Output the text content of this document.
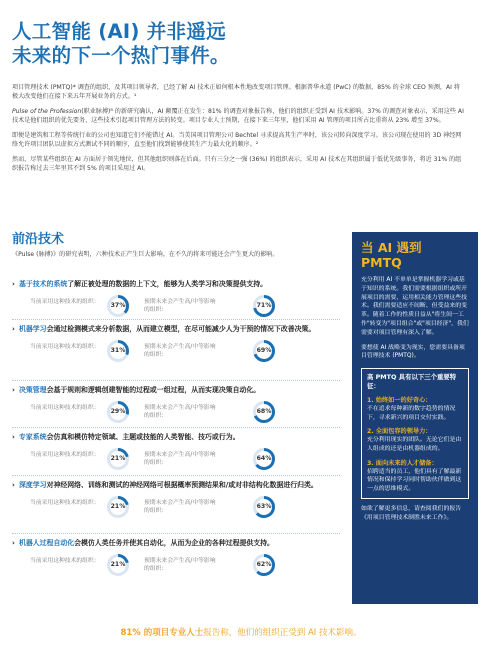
人工智能 (AI) 并非遥远
未来的下一个热门事件。

项目管理技术 (PMTQ)* 调查的组织，及其项目领导者，已经了解 AI 技术正如何根本性地改变项目管理。根据普华永道 (PwC) 的数据，85% 的全球 CEO 预测，AI 将极大改变他们在接下来五年开展业务的方式。¹

Pulse of the Profession(职业脉搏)⁸ 的新研究确认，AI 颠覆正在发生：81% 的调查对象报告称，他们的组织正受到 AI 技术影响。37% 的调查对象表示，采用这些 AI 技术是他们组织的优先要务，这些技术引起项目管理方法的转变。项目专业人士预期，在接下来三年里，他们采用 AI 管理的项目所占比重将从 23% 增至 37%。

即便是建筑和工程等传统行业的公司也知道它们不能错过 AI。当美国项目管理公司 Bechtel 寻求提高其生产率时，该公司转向深度学习。该公司现在使用的 3D 神经网络允许项目团队以虚拟方式测试不同的顺序，直至他们找到能够使其生产力最大化的顺序。²

然而，尽管某些组织在 AI 方面居于领先地位，但其他组织则落在后面。只有三分之一强 (36%) 的组织表示，采用 AI 技术在其组织属于低优先级事务，将近 31% 的组织报告称过去三年里其不到 5% 的项目采用过 AI。

前沿技术
《Pulse (脉搏)》的研究表明，六种技术正产生巨大影响。在不久的将来可能还会产生更大的影响。
› 基于技术的系统了解正被处理的数据的上下文，能够为人类学习和决策提供支持。
当前采用这种技术的组织：	37%	预期未来会产生高/中等影响的组织：
71%
› 机器学习会通过检测模式来分析数据，从而建立模型，在尽可能减少人为干预的情况下改善决策。
当前采用这种技术的组织：	31%	预期未来会产生高/中等影响的组织：
69%
› 决策管理会基于规则和逻辑创建智能的过程或一组过程，从而实现决策自动化。
当前采用这种技术的组织：	29%	预期未来会产生高/中等影响的组织：
68%
› 专家系统会仿真和模仿特定领域、主题或技能的人类智能、技巧或行为。
当前采用这种技术的组织：	21%	预期未来会产生高/中等影响的组织：
64%
› 深度学习对神经网络、训练和测试的神经网络可根据概率预测结果和/或对非结构化数据进行归类。
当前采用这种技术的组织：	21%	预期未来会产生高/中等影响的组织：
63%
› 机器人过程自动化会模仿人类任务并使其自动化，从而为企业的各种过程提供支持。
当前采用这种技术的组织：	21%	预期未来会产生高/中等影响的组织：
62%
当 AI 遇到
PMTQ

充分利用 AI 不单单是掌握机器学习或基于知识的系统。我们需要根据组织或所开展项目的需要，运用相关能力管理这些技术。我们需要适应不间断、但受益来的变革。随着工作的性质日益从"将生间一工作"转变为"项目组合"或"项目经济"，我们需要对项目管理有深入了解。

要想使 AI 战略变为现实，您需要具备项目管理技术 (PMTQ)。

高 PMTQ 具有以下三个重要特征：
1. 始终如一的好奇心：
不在追求每种新的数字趋势的情况下，寻求新兴的项目交付实践。
2. 全面包容的领导力：
充分利用现实的团队。无论它们是由人组成的还是由机器组成的。
3. 面向未来的人才储备：
招聘适当的员工，他们具有了解最新情况和保持学习同时帮助伙伴做到这一点的思维模式。

如欲了解更多信息，请查阅我们的报告《用项目管理技术制胜未来工作》。

81% 的项目专业人士报告称，他们的组织正受到 AI 技术影响。
